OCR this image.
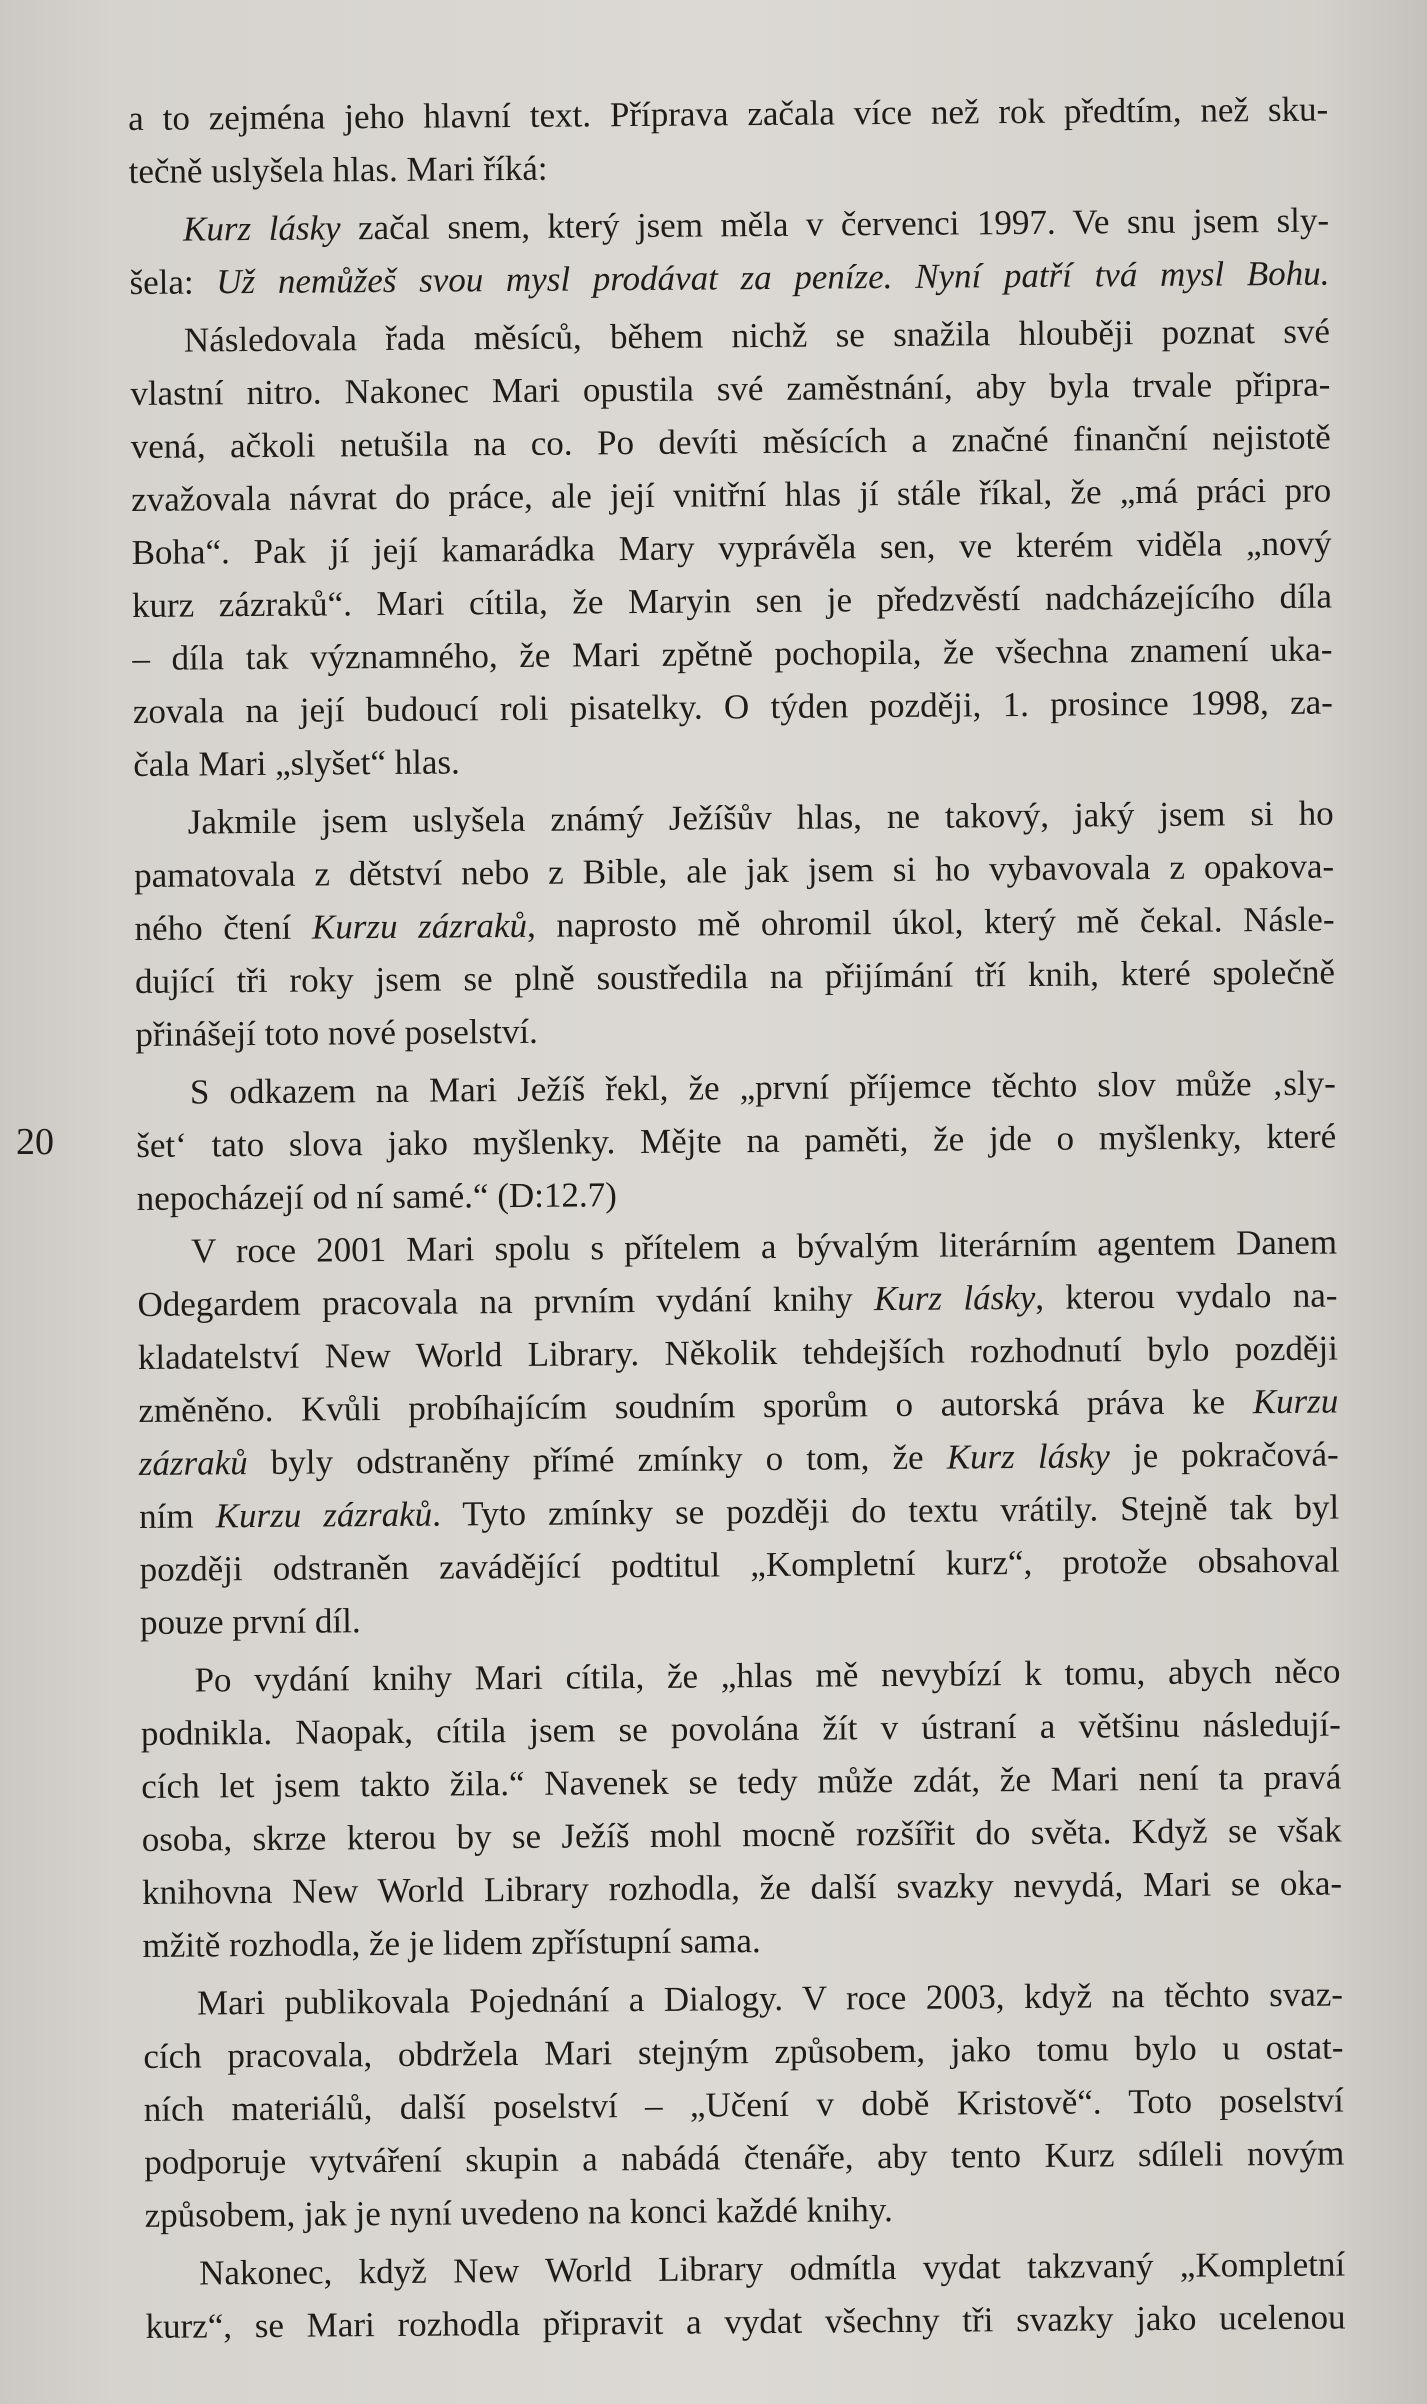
20

a to zejména jeho hlavní text. Příprava začala více než rok předtím, než sku-

tečně uslyšela hlas. Mari říká:

Kurz lásky začal snem, který jsem měla v červenci 1997. Ve snu jsem sly-

šela: Už nemůžeš svou mysl prodávat za peníze. Nyní patří tvá mysl Bohu.

Následovala řada měsíců, během nichž se snažila hlouběji poznat své

vlastní nitro. Nakonec Mari opustila své zaměstnání, aby byla trvale připra-

vená, ačkoli netušila na co. Po devíti měsících a značné finanční nejistotě

zvažovala návrat do práce, ale její vnitřní hlas jí stále říkal, že „má práci pro

Boha“. Pak jí její kamarádka Mary vyprávěla sen, ve kterém viděla „nový

kurz zázraků“. Mari cítila, že Maryin sen je předzvěstí nadcházejícího díla

– díla tak významného, že Mari zpětně pochopila, že všechna znamení uka-

zovala na její budoucí roli pisatelky. O týden později, 1. prosince 1998, za-

čala Mari „slyšet“ hlas.

Jakmile jsem uslyšela známý Ježíšův hlas, ne takový, jaký jsem si ho

pamatovala z dětství nebo z Bible, ale jak jsem si ho vybavovala z opakova-

ného čtení Kurzu zázraků, naprosto mě ohromil úkol, který mě čekal. Násle-

dující tři roky jsem se plně soustředila na přijímání tří knih, které společně

přinášejí toto nové poselství.

S odkazem na Mari Ježíš řekl, že „první příjemce těchto slov může ‚sly-

šet‘ tato slova jako myšlenky. Mějte na paměti, že jde o myšlenky, které

nepocházejí od ní samé.“ (D:12.7)

V roce 2001 Mari spolu s přítelem a bývalým literárním agentem Danem

Odegardem pracovala na prvním vydání knihy Kurz lásky, kterou vydalo na-

kladatelství New World Library. Několik tehdejších rozhodnutí bylo později

změněno. Kvůli probíhajícím soudním sporům o autorská práva ke Kurzu

zázraků byly odstraněny přímé zmínky o tom, že Kurz lásky je pokračová-

ním Kurzu zázraků. Tyto zmínky se později do textu vrátily. Stejně tak byl

později odstraněn zavádějící podtitul „Kompletní kurz“, protože obsahoval

pouze první díl.

Po vydání knihy Mari cítila, že „hlas mě nevybízí k tomu, abych něco

podnikla. Naopak, cítila jsem se povolána žít v ústraní a většinu následují-

cích let jsem takto žila.“ Navenek se tedy může zdát, že Mari není ta pravá

osoba, skrze kterou by se Ježíš mohl mocně rozšířit do světa. Když se však

knihovna New World Library rozhodla, že další svazky nevydá, Mari se oka-

mžitě rozhodla, že je lidem zpřístupní sama.

Mari publikovala Pojednání a Dialogy. V roce 2003, když na těchto svaz-

cích pracovala, obdržela Mari stejným způsobem, jako tomu bylo u ostat-

ních materiálů, další poselství – „Učení v době Kristově“. Toto poselství

podporuje vytváření skupin a nabádá čtenáře, aby tento Kurz sdíleli novým

způsobem, jak je nyní uvedeno na konci každé knihy.

Nakonec, když New World Library odmítla vydat takzvaný „Kompletní

kurz“, se Mari rozhodla připravit a vydat všechny tři svazky jako ucelenou
